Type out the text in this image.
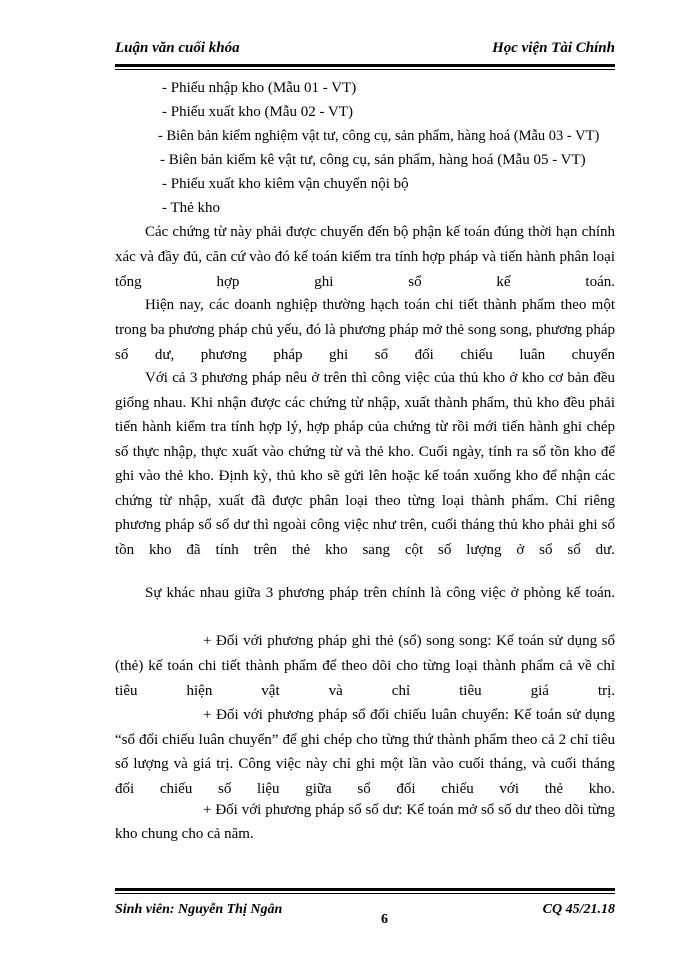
Luận văn cuối khóa	Học viện Tài Chính
- Phiếu nhập kho (Mẫu 01 - VT)
- Phiếu xuất kho (Mẫu 02 - VT)
- Biên bản kiểm nghiệm vật tư, công cụ, sản phẩm, hàng hoá (Mẫu 03 - VT)
- Biên bản kiểm kê vật tư, công cụ, sản phẩm, hàng hoá (Mẫu 05 - VT)
- Phiếu xuất kho kiêm vận chuyển nội bộ
- Thẻ kho
Các chứng từ này phải được chuyển đến bộ phận kế toán đúng thời hạn chính xác và đầy đủ, căn cứ vào đó kế toán kiểm tra tính hợp pháp và tiến hành phân loại tổng hợp ghi sổ kế toán.
Hiện nay, các doanh nghiệp thường hạch toán chi tiết thành phẩm theo một trong ba phương pháp chủ yếu, đó là phương pháp mở thẻ song song, phương pháp số dư, phương pháp ghi sổ đối chiếu luân chuyển
Với cả 3 phương pháp nêu ở trên thì công việc của thủ kho ở kho cơ bản đều giống nhau. Khi nhận được các chứng từ nhập, xuất thành phẩm, thủ kho đều phải tiến hành kiểm tra tính hợp lý, hợp pháp của chứng từ rồi mới tiến hành ghi chép số thực nhập, thực xuất vào chứng từ và thẻ kho. Cuối ngày, tính ra số tồn kho để ghi vào thẻ kho. Định kỳ, thủ kho sẽ gửi lên hoặc kế toán xuống kho để nhận các chứng từ nhập, xuất đã được phân loại theo từng loại thành phẩm. Chỉ riêng phương pháp sổ số dư thì ngoài công việc như trên, cuối tháng thủ kho phải ghi số tồn kho đã tính trên thẻ kho sang cột số lượng ở sổ số dư.
Sự khác nhau giữa 3 phương pháp trên chính là công việc ở phòng kế toán.
+ Đối với phương pháp ghi thẻ (sổ) song song: Kế toán sử dụng sổ (thẻ) kế toán chi tiết thành phẩm để theo dõi cho từng loại thành phẩm cả về chỉ tiêu hiện vật và chỉ tiêu giá trị.
+ Đối với phương pháp sổ đối chiếu luân chuyển: Kế toán sử dụng “sổ đối chiếu luân chuyển” để ghi chép cho từng thứ thành phẩm theo cả 2 chỉ tiêu số lượng và giá trị. Công việc này chỉ ghi một lần vào cuối tháng, và cuối tháng đối chiếu số liệu giữa sổ đối chiếu với thẻ kho.
+ Đối với phương pháp sổ số dư: Kế toán mở sổ số dư theo dõi từng kho chung cho cả năm.
Sinh viên: Nguyễn Thị Ngân
6
CQ 45/21.18
